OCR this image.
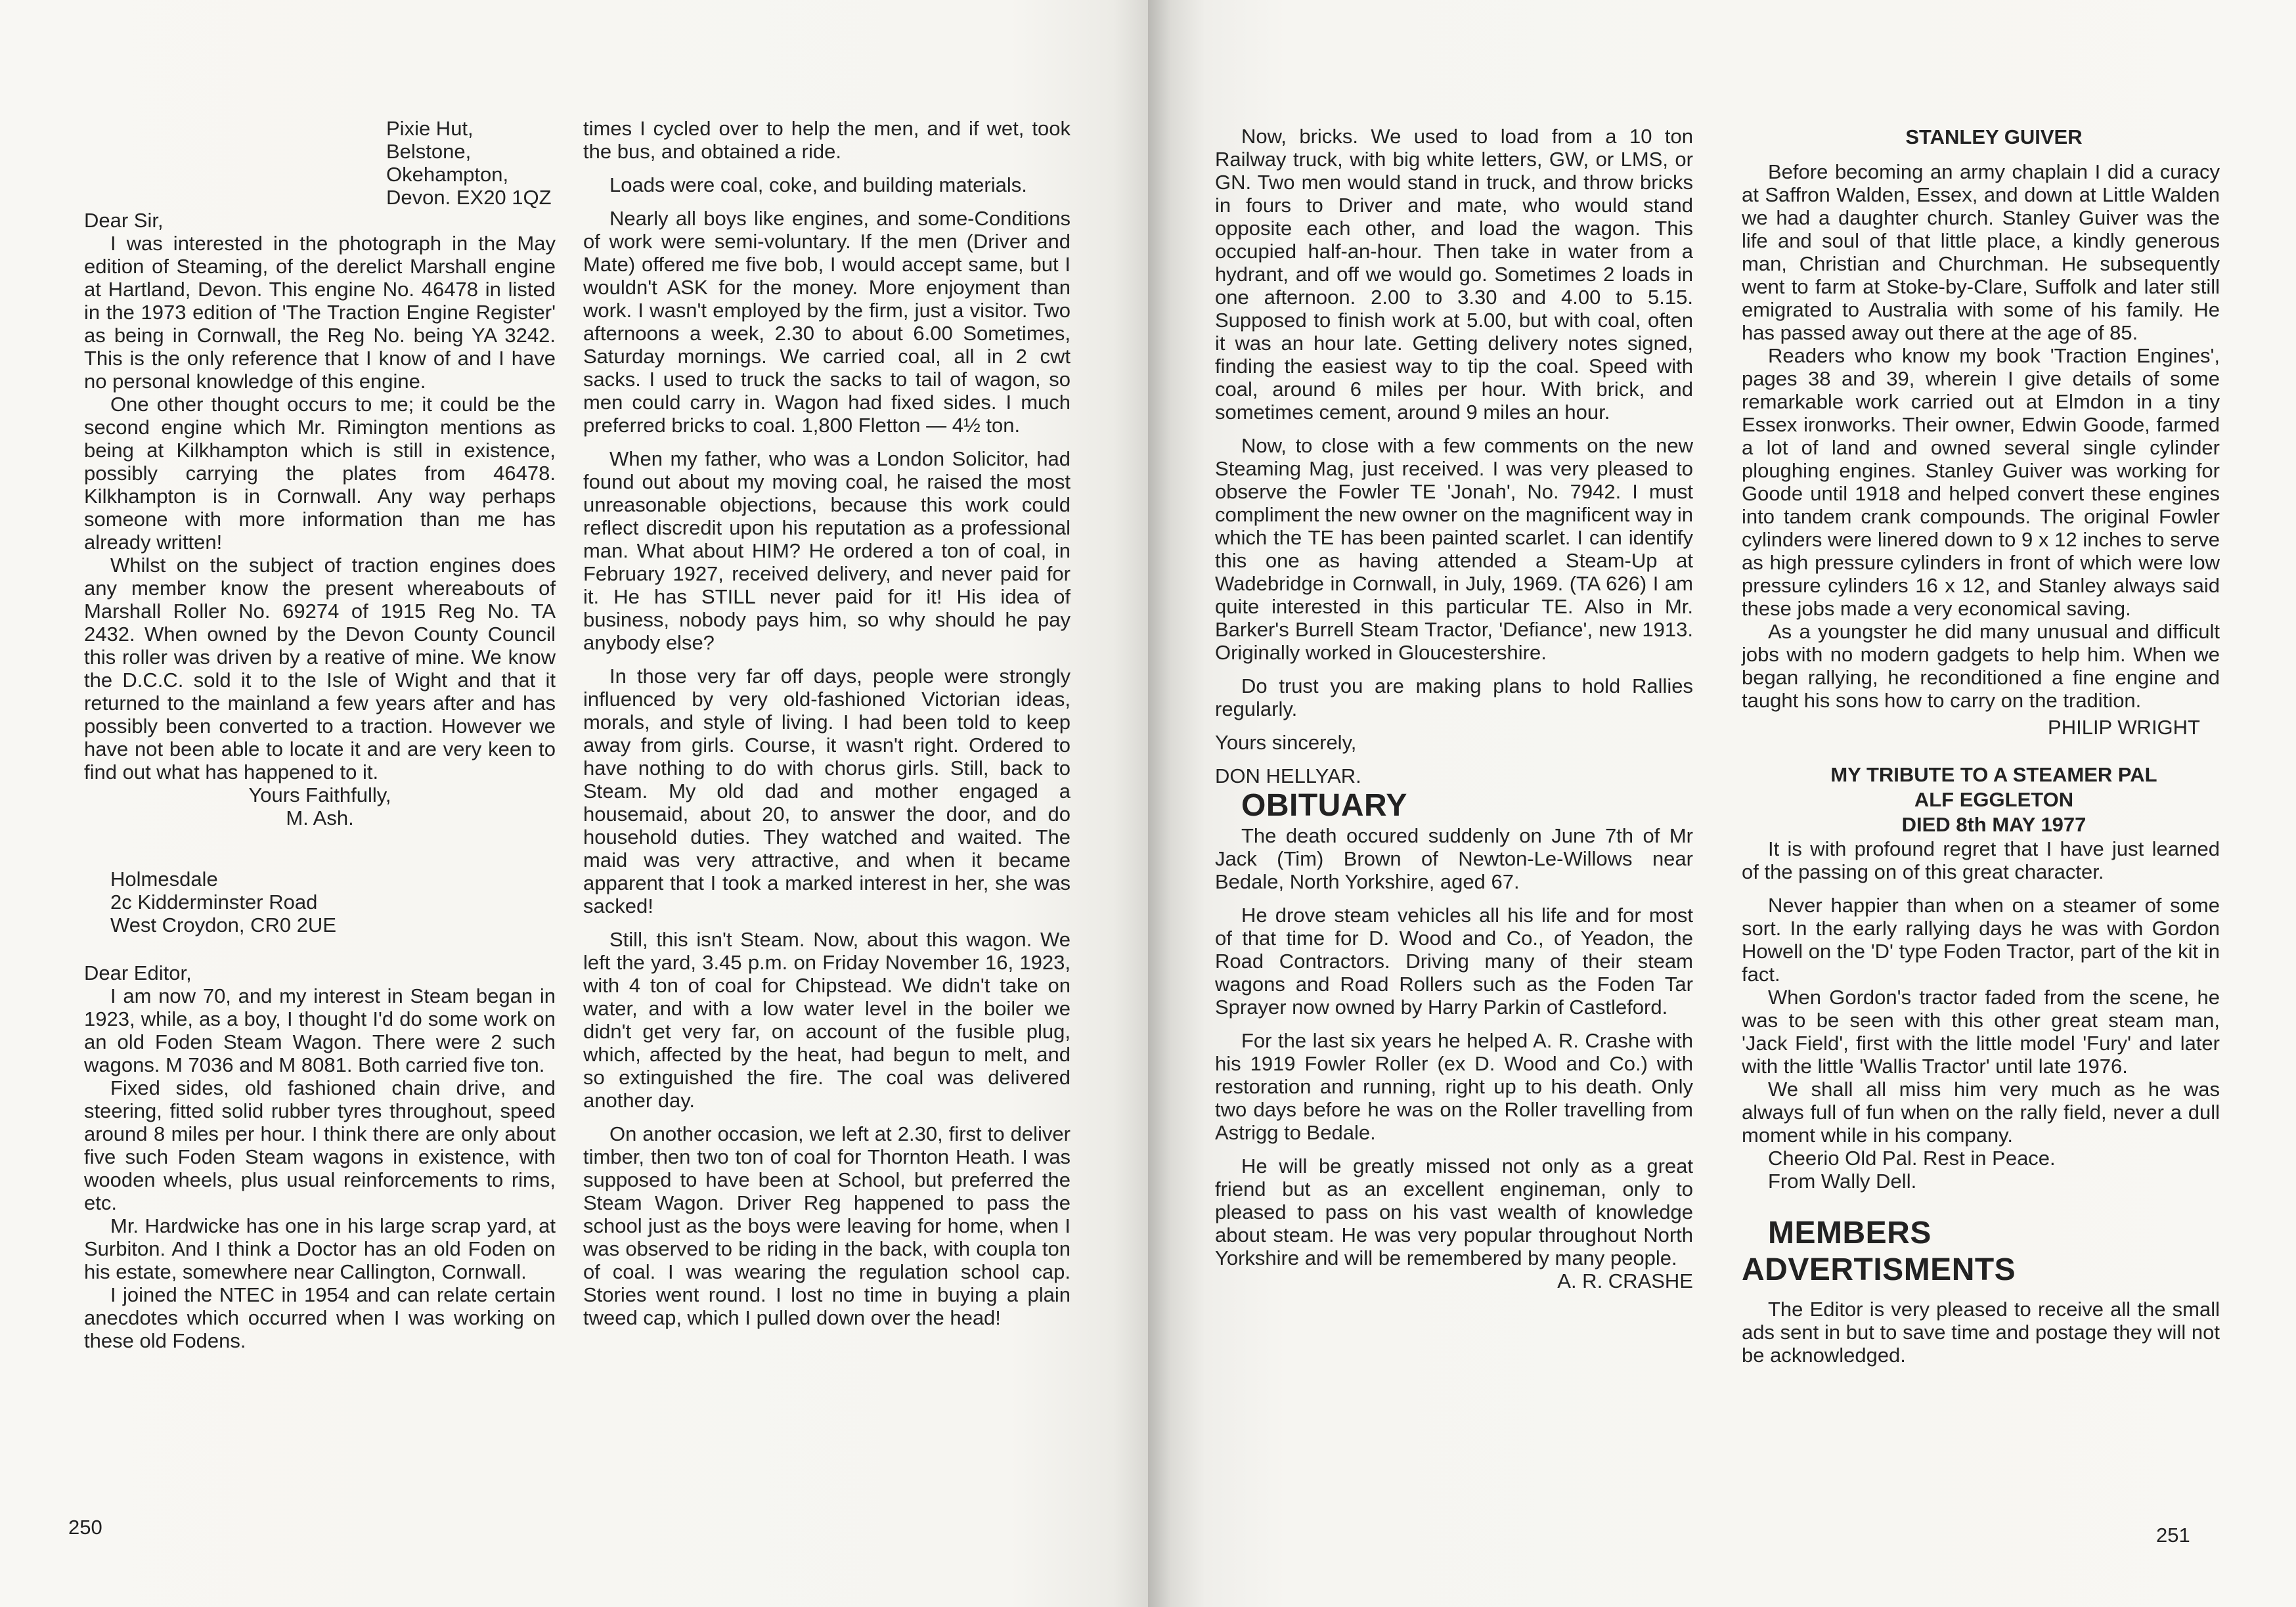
Pixie Hut,

Belstone,

Okehampton,

Devon. EX20 1QZ

Dear Sir,

I was interested in the photograph in the May edition of Steaming, of the derelict Marshall engine at Hartland, Devon. This engine No. 46478 in listed in the 1973 edition of 'The Traction Engine Register' as being in Cornwall, the Reg No. being YA 3242. This is the only reference that I know of and I have no personal knowledge of this engine.

One other thought occurs to me; it could be the second engine which Mr. Rimington mentions as being at Kilkhampton which is still in existence, possibly carrying the plates from 46478. Kilkhampton is in Cornwall. Any way perhaps someone with more information than me has already written!

Whilst on the subject of traction engines does any member know the present whereabouts of Marshall Roller No. 69274 of 1915 Reg No. TA 2432. When owned by the Devon County Council this roller was driven by a reative of mine. We know the D.C.C. sold it to the Isle of Wight and that it returned to the mainland a few years after and has possibly been converted to a traction. However we have not been able to locate it and are very keen to find out what has happened to it.

Yours Faithfully,

M. Ash.

Holmesdale

2c Kidderminster Road

West Croydon, CR0 2UE

Dear Editor,

I am now 70, and my interest in Steam began in 1923, while, as a boy, I thought I'd do some work on an old Foden Steam Wagon. There were 2 such wagons. M 7036 and M 8081. Both carried five ton.

Fixed sides, old fashioned chain drive, and steering, fitted solid rubber tyres throughout, speed around 8 miles per hour. I think there are only about five such Foden Steam wagons in existence, with wooden wheels, plus usual reinforcements to rims, etc.

Mr. Hardwicke has one in his large scrap yard, at Surbiton. And I think a Doctor has an old Foden on his estate, somewhere near Callington, Cornwall.

I joined the NTEC in 1954 and can relate certain anecdotes which occurred when I was working on these old Fodens.

times I cycled over to help the men, and if wet, took the bus, and obtained a ride.

Loads were coal, coke, and building materials.

Nearly all boys like engines, and some-Conditions of work were semi-voluntary. If the men (Driver and Mate) offered me five bob, I would accept same, but I wouldn't ASK for the money. More enjoyment than work. I wasn't employed by the firm, just a visitor. Two afternoons a week, 2.30 to about 6.00 Sometimes, Saturday mornings. We carried coal, all in 2 cwt sacks. I used to truck the sacks to tail of wagon, so men could carry in. Wagon had fixed sides. I much preferred bricks to coal. 1,800 Fletton — 4½ ton.

When my father, who was a London Solicitor, had found out about my moving coal, he raised the most unreasonable objections, because this work could reflect discredit upon his reputation as a professional man. What about HIM? He ordered a ton of coal, in February 1927, received delivery, and never paid for it. He has STILL never paid for it! His idea of business, nobody pays him, so why should he pay anybody else?

In those very far off days, people were strongly influenced by very old-fashioned Victorian ideas, morals, and style of living. I had been told to keep away from girls. Course, it wasn't right. Ordered to have nothing to do with chorus girls. Still, back to Steam. My old dad and mother engaged a housemaid, about 20, to answer the door, and do household duties. They watched and waited. The maid was very attractive, and when it became apparent that I took a marked interest in her, she was sacked!

Still, this isn't Steam. Now, about this wagon. We left the yard, 3.45 p.m. on Friday November 16, 1923, with 4 ton of coal for Chipstead. We didn't take on water, and with a low water level in the boiler we didn't get very far, on account of the fusible plug, which, affected by the heat, had begun to melt, and so extinguished the fire. The coal was delivered another day.

On another occasion, we left at 2.30, first to deliver timber, then two ton of coal for Thornton Heath. I was supposed to have been at School, but preferred the Steam Wagon. Driver Reg happened to pass the school just as the boys were leaving for home, when I was observed to be riding in the back, with coupla ton of coal. I was wearing the regulation school cap. Stories went round. I lost no time in buying a plain tweed cap, which I pulled down over the head!

250

Now, bricks. We used to load from a 10 ton Railway truck, with big white letters, GW, or LMS, or GN. Two men would stand in truck, and throw bricks in fours to Driver and mate, who would stand opposite each other, and load the wagon. This occupied half-an-hour. Then take in water from a hydrant, and off we would go. Sometimes 2 loads in one afternoon. 2.00 to 3.30 and 4.00 to 5.15. Supposed to finish work at 5.00, but with coal, often it was an hour late. Getting delivery notes signed, finding the easiest way to tip the coal. Speed with coal, around 6 miles per hour. With brick, and sometimes cement, around 9 miles an hour.

Now, to close with a few comments on the new Steaming Mag, just received. I was very pleased to observe the Fowler TE 'Jonah', No. 7942. I must compliment the new owner on the magnificent way in which the TE has been painted scarlet. I can identify this one as having attended a Steam-Up at Wadebridge in Cornwall, in July, 1969. (TA 626) I am quite interested in this particular TE. Also in Mr. Barker's Burrell Steam Tractor, 'Defiance', new 1913. Originally worked in Gloucestershire.

Do trust you are making plans to hold Rallies regularly.

Yours sincerely,

DON HELLYAR.

OBITUARY

The death occured suddenly on June 7th of Mr Jack (Tim) Brown of Newton-Le-Willows near Bedale, North Yorkshire, aged 67.

He drove steam vehicles all his life and for most of that time for D. Wood and Co., of Yeadon, the Road Contractors. Driving many of their steam wagons and Road Rollers such as the Foden Tar Sprayer now owned by Harry Parkin of Castleford.

For the last six years he helped A. R. Crashe with his 1919 Fowler Roller (ex D. Wood and Co.) with restoration and running, right up to his death. Only two days before he was on the Roller travelling from Astrigg to Bedale.

He will be greatly missed not only as a great friend but as an excellent engineman, only to pleased to pass on his vast wealth of knowledge about steam. He was very popular throughout North Yorkshire and will be remembered by many people.

A. R. CRASHE

STANLEY GUIVER

Before becoming an army chaplain I did a curacy at Saffron Walden, Essex, and down at Little Walden we had a daughter church. Stanley Guiver was the life and soul of that little place, a kindly generous man, Christian and Churchman. He subsequently went to farm at Stoke-by-Clare, Suffolk and later still emigrated to Australia with some of his family. He has passed away out there at the age of 85.

Readers who know my book 'Traction Engines', pages 38 and 39, wherein I give details of some remarkable work carried out at Elmdon in a tiny Essex ironworks. Their owner, Edwin Goode, farmed a lot of land and owned several single cylinder ploughing engines. Stanley Guiver was working for Goode until 1918 and helped convert these engines into tandem crank compounds. The original Fowler cylinders were linered down to 9 x 12 inches to serve as high pressure cylinders in front of which were low pressure cylinders 16 x 12, and Stanley always said these jobs made a very economical saving.

As a youngster he did many unusual and difficult jobs with no modern gadgets to help him. When we began rallying, he reconditioned a fine engine and taught his sons how to carry on the tradition.

PHILIP WRIGHT

MY TRIBUTE TO A STEAMER PAL

ALF EGGLETON

DIED 8th MAY 1977

It is with profound regret that I have just learned of the passing on of this great character.

Never happier than when on a steamer of some sort. In the early rallying days he was with Gordon Howell on the 'D' type Foden Tractor, part of the kit in fact.

When Gordon's tractor faded from the scene, he was to be seen with this other great steam man, 'Jack Field', first with the little model 'Fury' and later with the little 'Wallis Tractor' until late 1976.

We shall all miss him very much as he was always full of fun when on the rally field, never a dull moment while in his company.

Cheerio Old Pal. Rest in Peace.

From Wally Dell.

MEMBERS ADVERTISMENTS

The Editor is very pleased to receive all the small ads sent in but to save time and postage they will not be acknowledged.

251
